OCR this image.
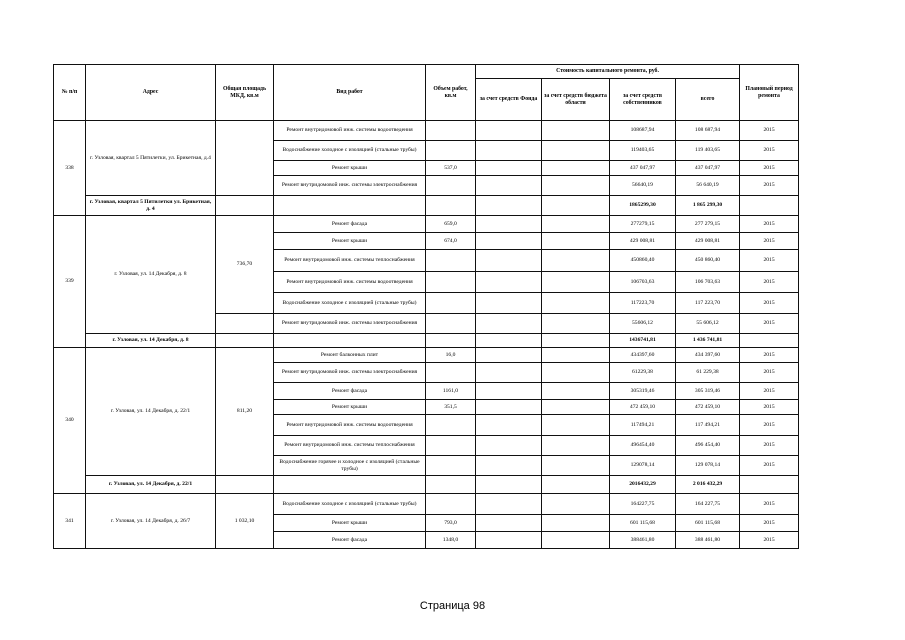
№ п/п	Адрес	Общая площадь МКД, кв.м	Вид работ	Объем работ, кв.м	Стоимость капитального ремонта, руб.				Плановый период ремонта
					за счет средств Фонда	за счет средств бюджета области	за счет средств собственников	всего	
338	г. Узловая, квартал 5 Пятилетки, ул. Брикетная, д.4		Ремонт внутридомовой инж. системы водоотведения				108687,94	108 687,94	2015
			Водоснабжение холодное с изоляцией (стальные трубы)				119403,65	119 403,65	2015
			Ремонт крыши	537,0			437 047,97	437 047,97	2015
			Ремонт внутридомовой инж. системы электроснабжения				56640,19	56 640,19	2015
	г. Узловая, квартал 5 Пятилетки ул. Брикетная, д. 4						1865299,30	1 865 299,30	
339	г. Узловая, ул. 14 Декабря, д. 8	736,70	Ремонт фасада	659,0			277279,15	277 279,15	2015
			Ремонт крыши	674,0			429 008,81	429 008,81	2015
			Ремонт внутридомовой инж. системы теплоснабжения				450860,40	450 860,40	2015
			Ремонт внутридомовой инж. системы водоотведения				106703,63	106 703,63	2015
			Водоснабжение холодное с изоляцией (стальные трубы)				117223,70	117 223,70	2015
			Ремонт внутридомовой инж. системы электроснабжения				55606,12	55 606,12	2015
	г. Узловая, ул. 14 Декабря, д. 8						1436741,81	1 436 741,81	
340	г. Узловая, ул. 14 Декабря, д. 22/1	811,20	Ремонт балконных плит	16,0			434397,60	434 397,60	2015
			Ремонт внутридомовой инж. системы электроснабжения				61229,38	61 229,38	2015
			Ремонт фасада	1161,0			305319,46	305 319,46	2015
			Ремонт крыши	351,5			472 459,10	472 459,10	2015
			Ремонт внутридомовой инж. системы водоотведения				117494,21	117 494,21	2015
			Ремонт внутридомовой инж. системы теплоснабжения				496454,40	496 454,40	2015
			Водоснабжение горячее и холодное с изоляцией (стальные трубы)				129078,14	129 078,14	2015
	г. Узловая, ул. 14 Декабря, д. 22/1						2016432,29	2 016 432,29	
341	г. Узловая, ул. 14 Декабря, д. 26/7	1 032,10	Водоснабжение холодное с изоляцией (стальные трубы)				164227,75	164 227,75	2015
			Ремонт крыши	793,0			601 115,68	601 115,68	2015
			Ремонт фасада	1348,0			388461,80	388 461,80	2015
Страница 98
